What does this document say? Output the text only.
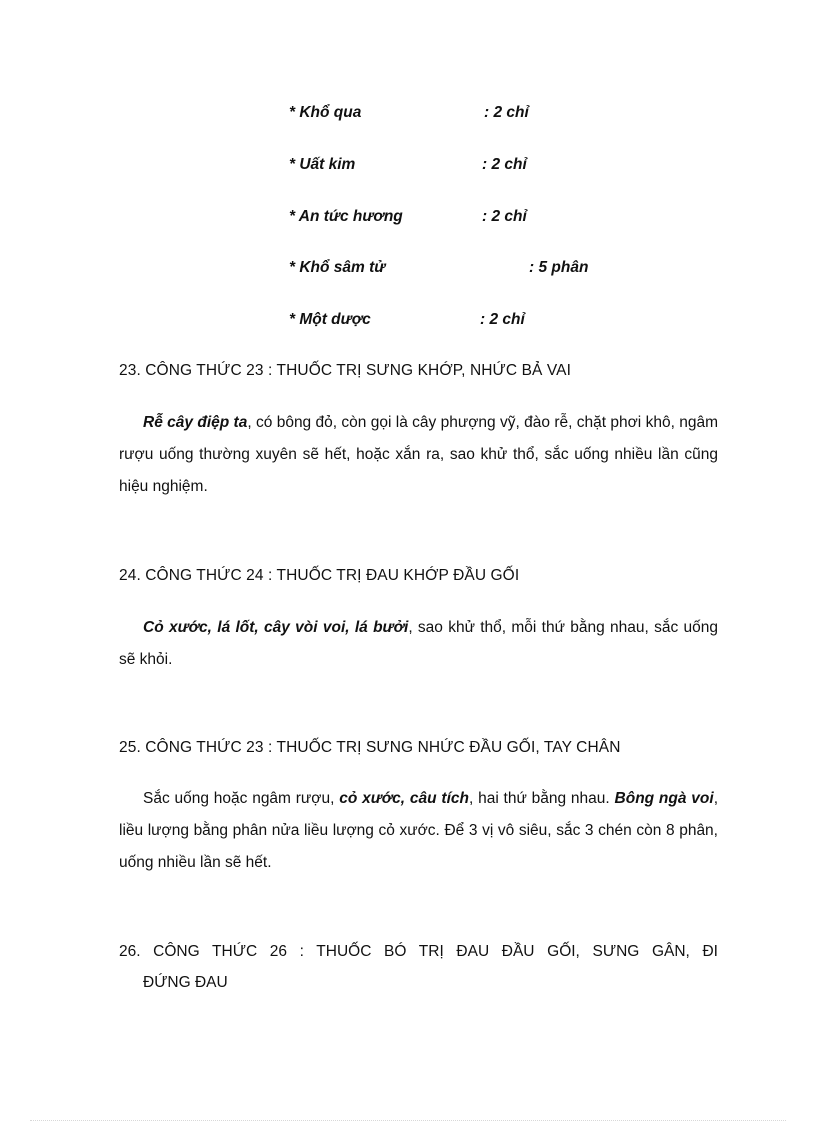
* Khổ qua	: 2 chỉ
* Uất kim	: 2 chỉ
* An tức hương	: 2 chỉ
* Khổ sâm tử	: 5 phân
* Một dược	: 2 chỉ
23. CÔNG THỨC 23 : THUỐC TRỊ SƯNG KHỚP, NHỨC BẢ VAI
Rễ cây điệp ta, có bông đỏ, còn gọi là cây phượng vỹ, đào rễ, chặt phơi khô, ngâm rượu uống thường xuyên sẽ hết, hoặc xắn ra, sao khử thổ, sắc uống nhiều lần cũng hiệu nghiệm.
24. CÔNG THỨC 24 : THUỐC TRỊ ĐAU KHỚP ĐẦU GỐI
Cỏ xước, lá lốt, cây vòi voi, lá bưởi, sao khử thổ, mỗi thứ bằng nhau, sắc uống sẽ khỏi.
25. CÔNG THỨC 23 : THUỐC TRỊ SƯNG NHỨC ĐẦU GỐI, TAY CHÂN
Sắc uống hoặc ngâm rượu, cỏ xước, câu tích, hai thứ bằng nhau. Bông ngà voi, liều lượng bằng phân nửa liều lượng cỏ xước. Để 3 vị vô siêu, sắc 3 chén còn 8 phân, uống nhiều lần sẽ hết.
26. CÔNG THỨC 26 : THUỐC BÓ TRỊ ĐAU ĐẦU GỐI, SƯNG GÂN, ĐI
ĐỨNG ĐAU
